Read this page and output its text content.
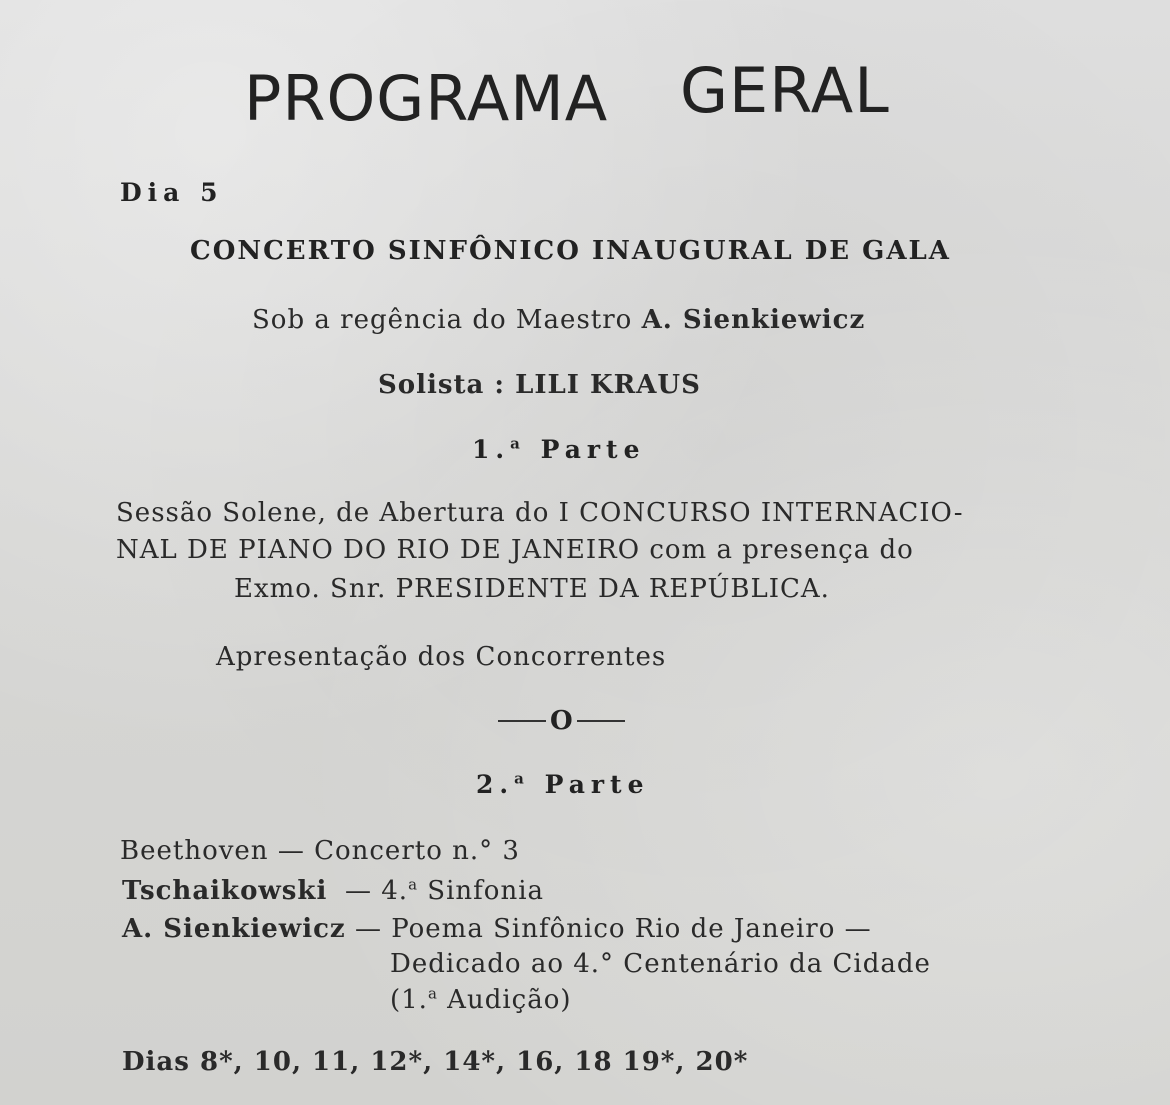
PROGRAMA GERAL
Dia 5
CONCERTO SINFÔNICO INAUGURAL DE GALA
Sob a regência do Maestro A. Sienkiewicz
Solista : LILI KRAUS
1.$^a$ Parte
Sessão Solene, de Abertura do I CONCURSO INTERNACIO-
NAL DE PIANO DO RIO DE JANEIRO com a presença do
Exmo. Snr. PRESIDENTE DA REPÚBLICA.
Apresentação dos Concorrentes
O
2.$^a$ Parte
Beethoven — Concerto n.° 3
Tschaikowski — 4.$^a$ Sinfonia
A. Sienkiewicz — Poema Sinfônico Rio de Janeiro —
Dedicado ao 4.° Centenário da Cidade
(1.$^a$ Audição)
Dias 8*, 10, 11, 12*, 14*, 16, 18 19*, 20*
